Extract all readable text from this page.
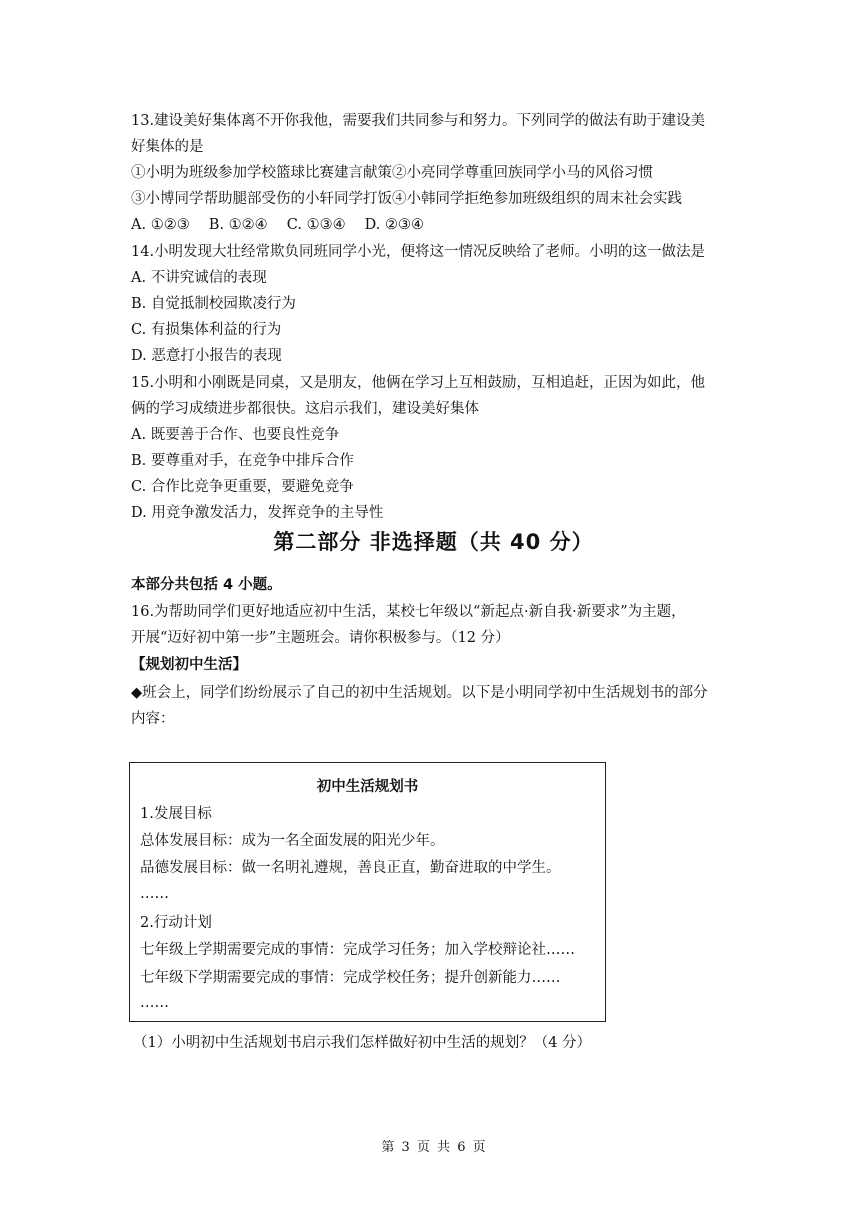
13.建设美好集体离不开你我他，需要我们共同参与和努力。下列同学的做法有助于建设美
好集体的是
①小明为班级参加学校篮球比赛建言献策②小亮同学尊重回族同学小马的风俗习惯
③小博同学帮助腿部受伤的小轩同学打饭④小韩同学拒绝参加班级组织的周末社会实践
A. ①②③　 B. ①②④　 C. ①③④　 D. ②③④
14.小明发现大壮经常欺负同班同学小光，便将这一情况反映给了老师。小明的这一做法是
A. 不讲究诚信的表现
B. 自觉抵制校园欺凌行为
C. 有损集体利益的行为
D. 恶意打小报告的表现
15.小明和小刚既是同桌，又是朋友，他俩在学习上互相鼓励，互相追赶，正因为如此，他
俩的学习成绩进步都很快。这启示我们，建设美好集体
A. 既要善于合作、也要良性竞争
B. 要尊重对手，在竞争中排斥合作
C. 合作比竞争更重要，要避免竞争
D. 用竞争激发活力，发挥竞争的主导性
第二部分 非选择题（共 40 分）
本部分共包括 4 小题。
16.为帮助同学们更好地适应初中生活，某校七年级以“新起点·新自我·新要求”为主题，
开展“迈好初中第一步”主题班会。请你积极参与。（12 分）
【规划初中生活】
◆班会上，同学们纷纷展示了自己的初中生活规划。以下是小明同学初中生活规划书的部分
内容：
初中生活规划书
1.发展目标
总体发展目标：成为一名全面发展的阳光少年。
品德发展目标：做一名明礼遵规，善良正直，勤奋进取的中学生。
……
2.行动计划
七年级上学期需要完成的事情：完成学习任务；加入学校辩论社……
七年级下学期需要完成的事情：完成学校任务；提升创新能力……
……
（1）小明初中生活规划书启示我们怎样做好初中生活的规划？（4 分）
第 3 页 共 6 页
